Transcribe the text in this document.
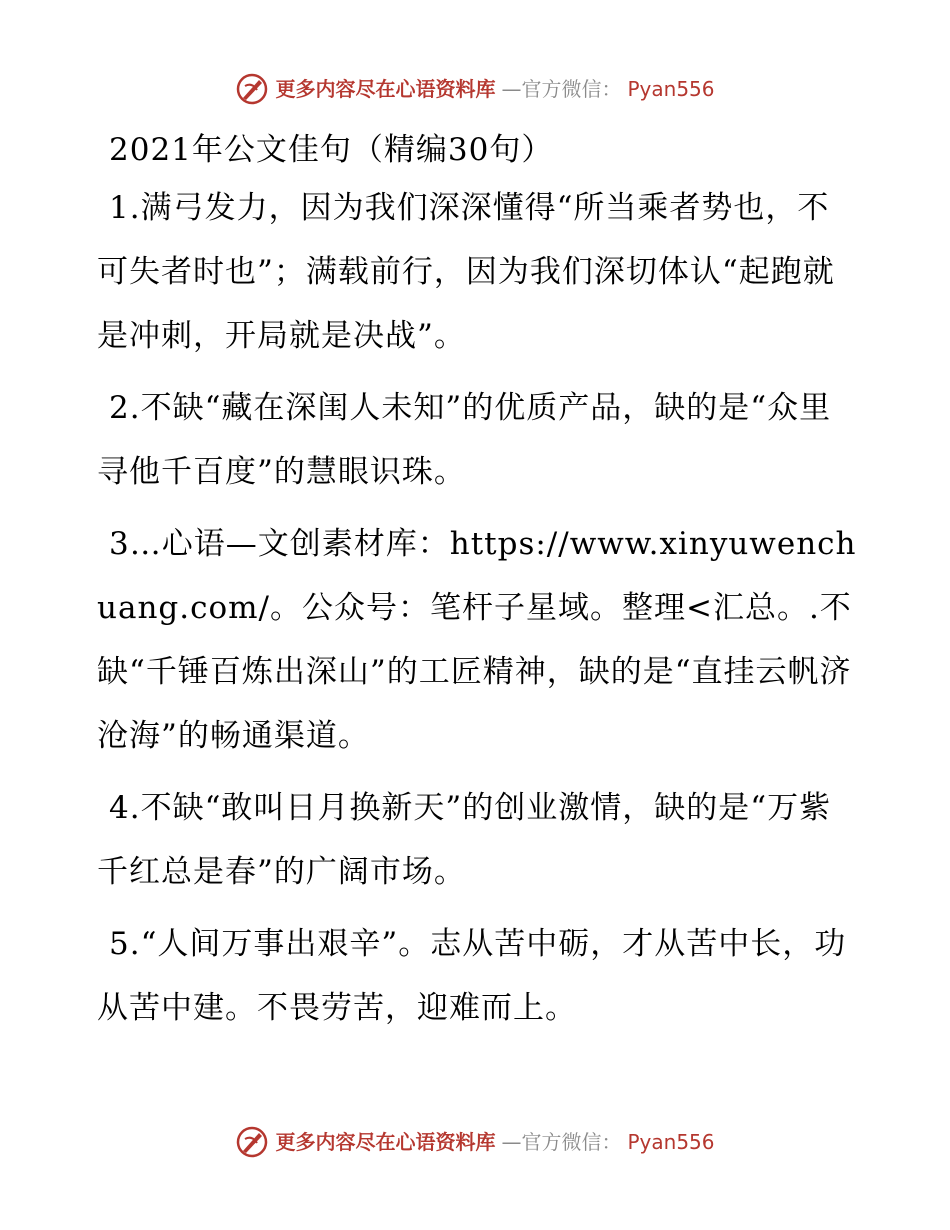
更多内容尽在心语资料库 —官方微信： Pyan556
2021年公文佳句（精编30句）

1.满弓发力，因为我们深深懂得“所当乘者势也，不可失者时也”；满载前行，因为我们深切体认“起跑就是冲刺，开局就是决战”。

2.不缺“藏在深闺人未知”的优质产品，缺的是“众里寻他千百度”的慧眼识珠。

3…心语—文创素材库：https://www.xinyuwenchuang.com/。公众号：笔杆子星域。整理<汇总。.不缺“千锤百炼出深山”的工匠精神，缺的是“直挂云帆济沧海”的畅通渠道。

4.不缺“敢叫日月换新天”的创业激情，缺的是“万紫千红总是春”的广阔市场。

5.“人间万事出艰辛”。志从苦中砺，才从苦中长，功从苦中建。不畏劳苦，迎难而上。

更多内容尽在心语资料库 —官方微信： Pyan556
